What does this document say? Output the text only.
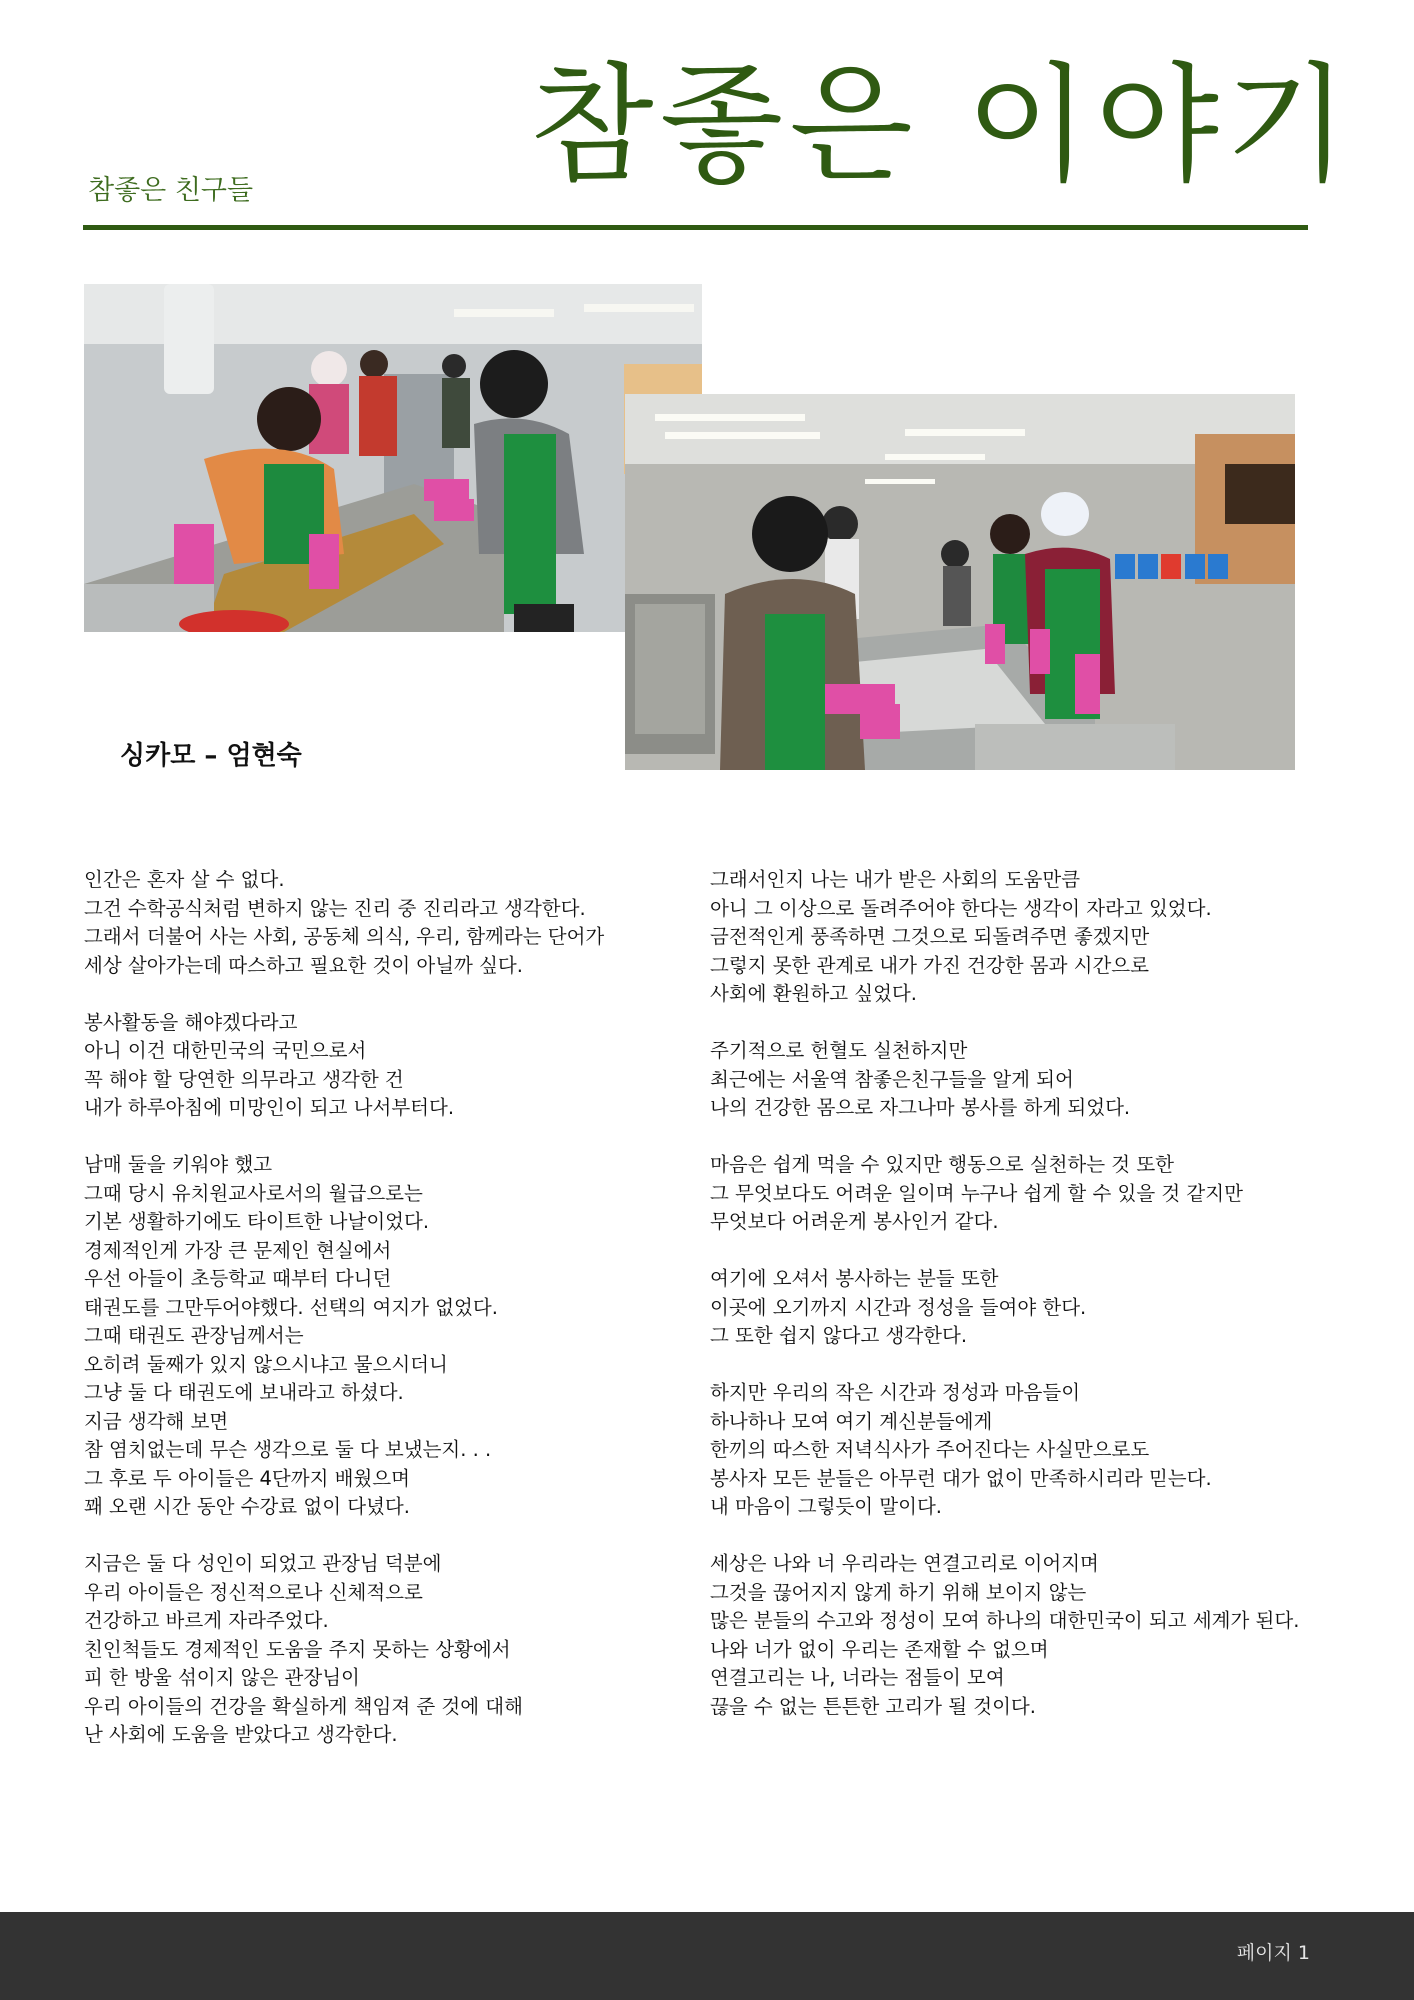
참좋은 친구들 참좋은 이야기
싱카모 – 엄현숙

인간은 혼자 살 수 없다.
그건 수학공식처럼 변하지 않는 진리 중 진리라고 생각한다.
그래서 더불어 사는 사회, 공동체 의식, 우리, 함께라는 단어가
세상 살아가는데 따스하고 필요한 것이 아닐까 싶다.

봉사활동을 해야겠다라고
아니 이건 대한민국의 국민으로서
꼭 해야 할 당연한 의무라고 생각한 건
내가 하루아침에 미망인이 되고 나서부터다.

남매 둘을 키워야 했고
그때 당시 유치원교사로서의 월급으로는
기본 생활하기에도 타이트한 나날이었다.
경제적인게 가장 큰 문제인 현실에서
우선 아들이 초등학교 때부터 다니던
태권도를 그만두어야했다. 선택의 여지가 없었다.
그때 태권도 관장님께서는
오히려 둘째가 있지 않으시냐고 물으시더니
그냥 둘 다 태권도에 보내라고 하셨다.
지금 생각해 보면
참 염치없는데 무슨 생각으로 둘 다 보냈는지. . .
그 후로 두 아이들은 4단까지 배웠으며
꽤 오랜 시간 동안 수강료 없이 다녔다.

지금은 둘 다 성인이 되었고 관장님 덕분에
우리 아이들은 정신적으로나 신체적으로
건강하고 바르게 자라주었다.
친인척들도 경제적인 도움을 주지 못하는 상황에서
피 한 방울 섞이지 않은 관장님이
우리 아이들의 건강을 확실하게 책임져 준 것에 대해
난 사회에 도움을 받았다고 생각한다.

그래서인지 나는 내가 받은 사회의 도움만큼
아니 그 이상으로 돌려주어야 한다는 생각이 자라고 있었다.
금전적인게 풍족하면 그것으로 되돌려주면 좋겠지만
그렇지 못한 관계로 내가 가진 건강한 몸과 시간으로
사회에 환원하고 싶었다.

주기적으로 헌혈도 실천하지만
최근에는 서울역 참좋은친구들을 알게 되어
나의 건강한 몸으로 자그나마 봉사를 하게 되었다.

마음은 쉽게 먹을 수 있지만 행동으로 실천하는 것 또한
그 무엇보다도 어려운 일이며 누구나 쉽게 할 수 있을 것 같지만
무엇보다 어려운게 봉사인거 같다.

여기에 오셔서 봉사하는 분들 또한
이곳에 오기까지 시간과 정성을 들여야 한다.
그 또한 쉽지 않다고 생각한다.

하지만 우리의 작은 시간과 정성과 마음들이
하나하나 모여 여기 계신분들에게
한끼의 따스한 저녁식사가 주어진다는 사실만으로도
봉사자 모든 분들은 아무런 대가 없이 만족하시리라 믿는다.
내 마음이 그렇듯이 말이다.

세상은 나와 너 우리라는 연결고리로 이어지며
그것을 끊어지지 않게 하기 위해 보이지 않는
많은 분들의 수고와 정성이 모여 하나의 대한민국이 되고 세계가 된다.
나와 너가 없이 우리는 존재할 수 없으며
연결고리는 나, 너라는 점들이 모여
끊을 수 없는 튼튼한 고리가 될 것이다.

페이지 1
